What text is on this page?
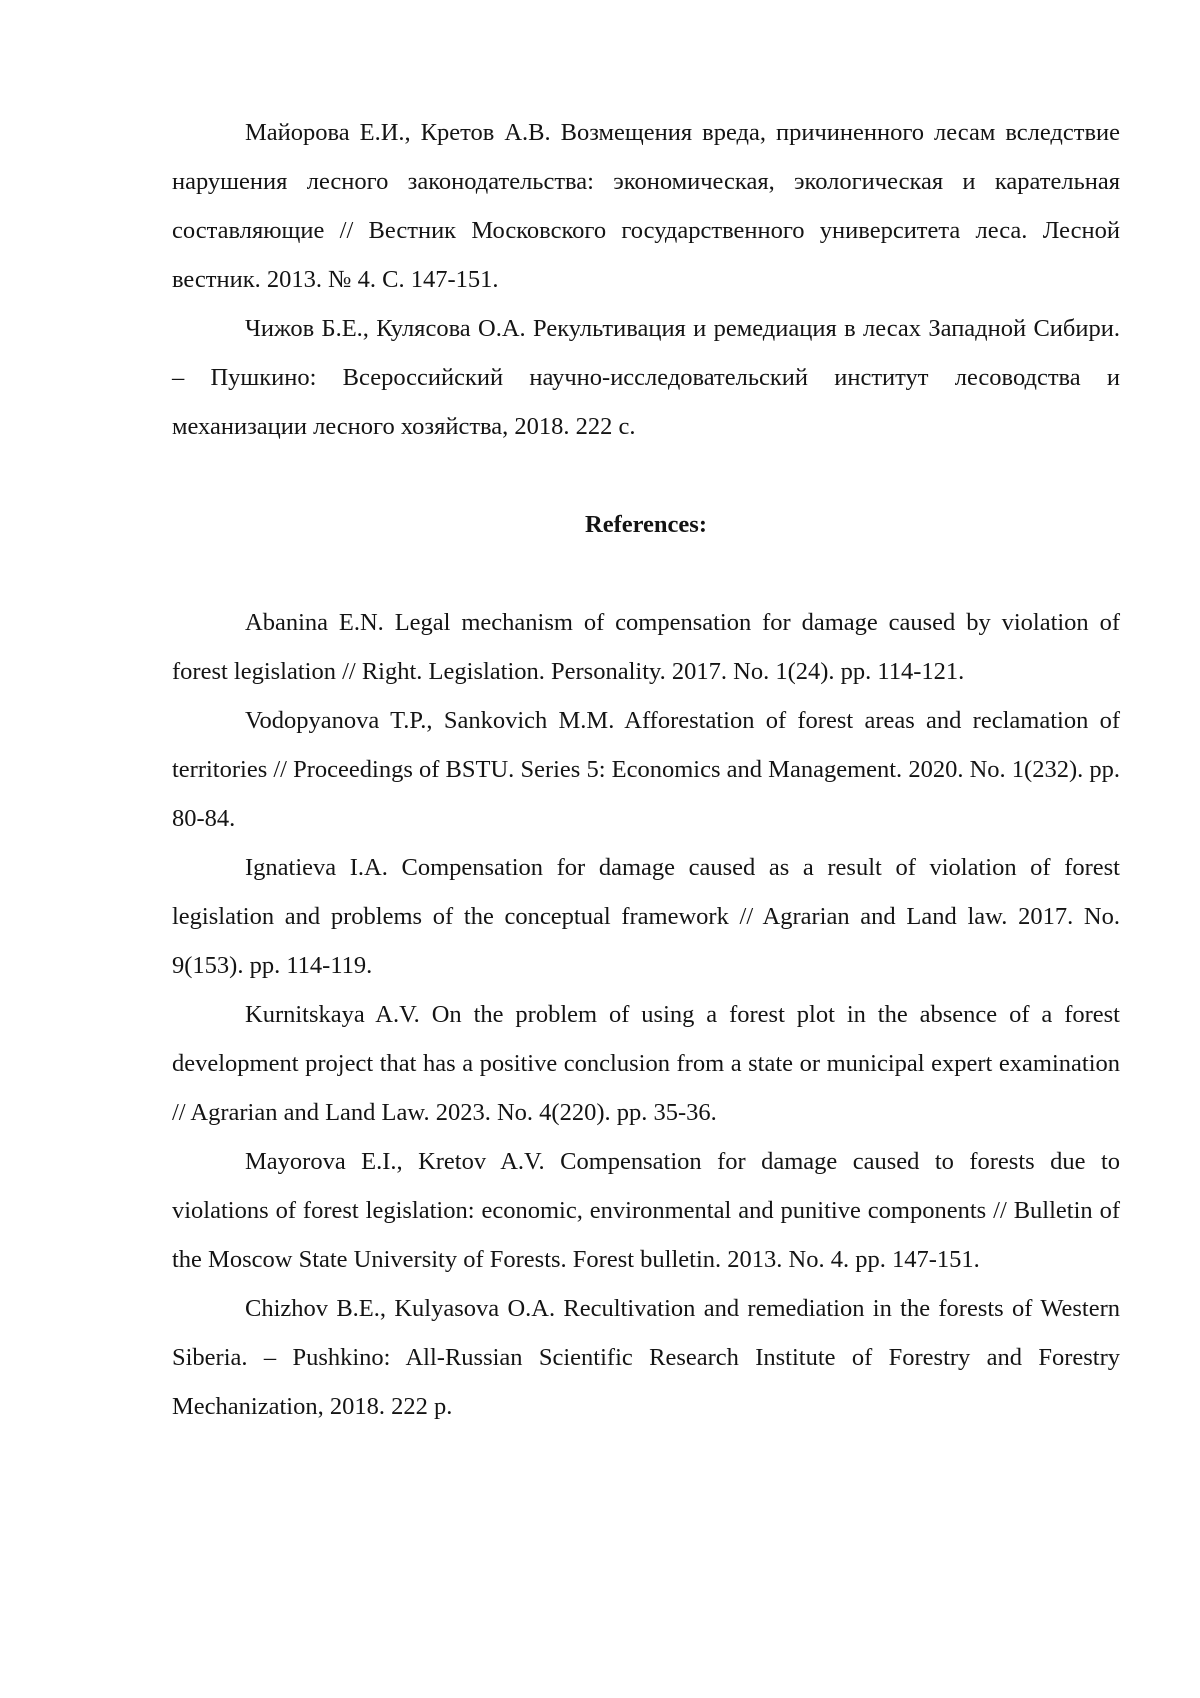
Майорова Е.И., Кретов А.В. Возмещения вреда, причиненного лесам вследствие нарушения лесного законодательства: экономическая, экологическая и карательная составляющие // Вестник Московского государственного университета леса. Лесной вестник. 2013. № 4. С. 147-151.

Чижов Б.Е., Кулясова О.А. Рекультивация и ремедиация в лесах Западной Сибири. – Пушкино: Всероссийский научно-исследовательский институт лесоводства и механизации лесного хозяйства, 2018. 222 с.

References:

Abanina E.N. Legal mechanism of compensation for damage caused by violation of forest legislation // Right. Legislation. Personality. 2017. No. 1(24). pp. 114-121.

Vodopyanova T.P., Sankovich M.M. Afforestation of forest areas and reclamation of territories // Proceedings of BSTU. Series 5: Economics and Management. 2020. No. 1(232). pp. 80-84.

Ignatieva I.A. Compensation for damage caused as a result of violation of forest legislation and problems of the conceptual framework // Agrarian and Land law. 2017. No. 9(153). pp. 114-119.

Kurnitskaya A.V. On the problem of using a forest plot in the absence of a forest development project that has a positive conclusion from a state or municipal expert examination // Agrarian and Land Law. 2023. No. 4(220). pp. 35-36.

Mayorova E.I., Kretov A.V. Compensation for damage caused to forests due to violations of forest legislation: economic, environmental and punitive components // Bulletin of the Moscow State University of Forests. Forest bulletin. 2013. No. 4. pp. 147-151.

Chizhov B.E., Kulyasova O.A. Recultivation and remediation in the forests of Western Siberia. – Pushkino: All-Russian Scientific Research Institute of Forestry and Forestry Mechanization, 2018. 222 p.
